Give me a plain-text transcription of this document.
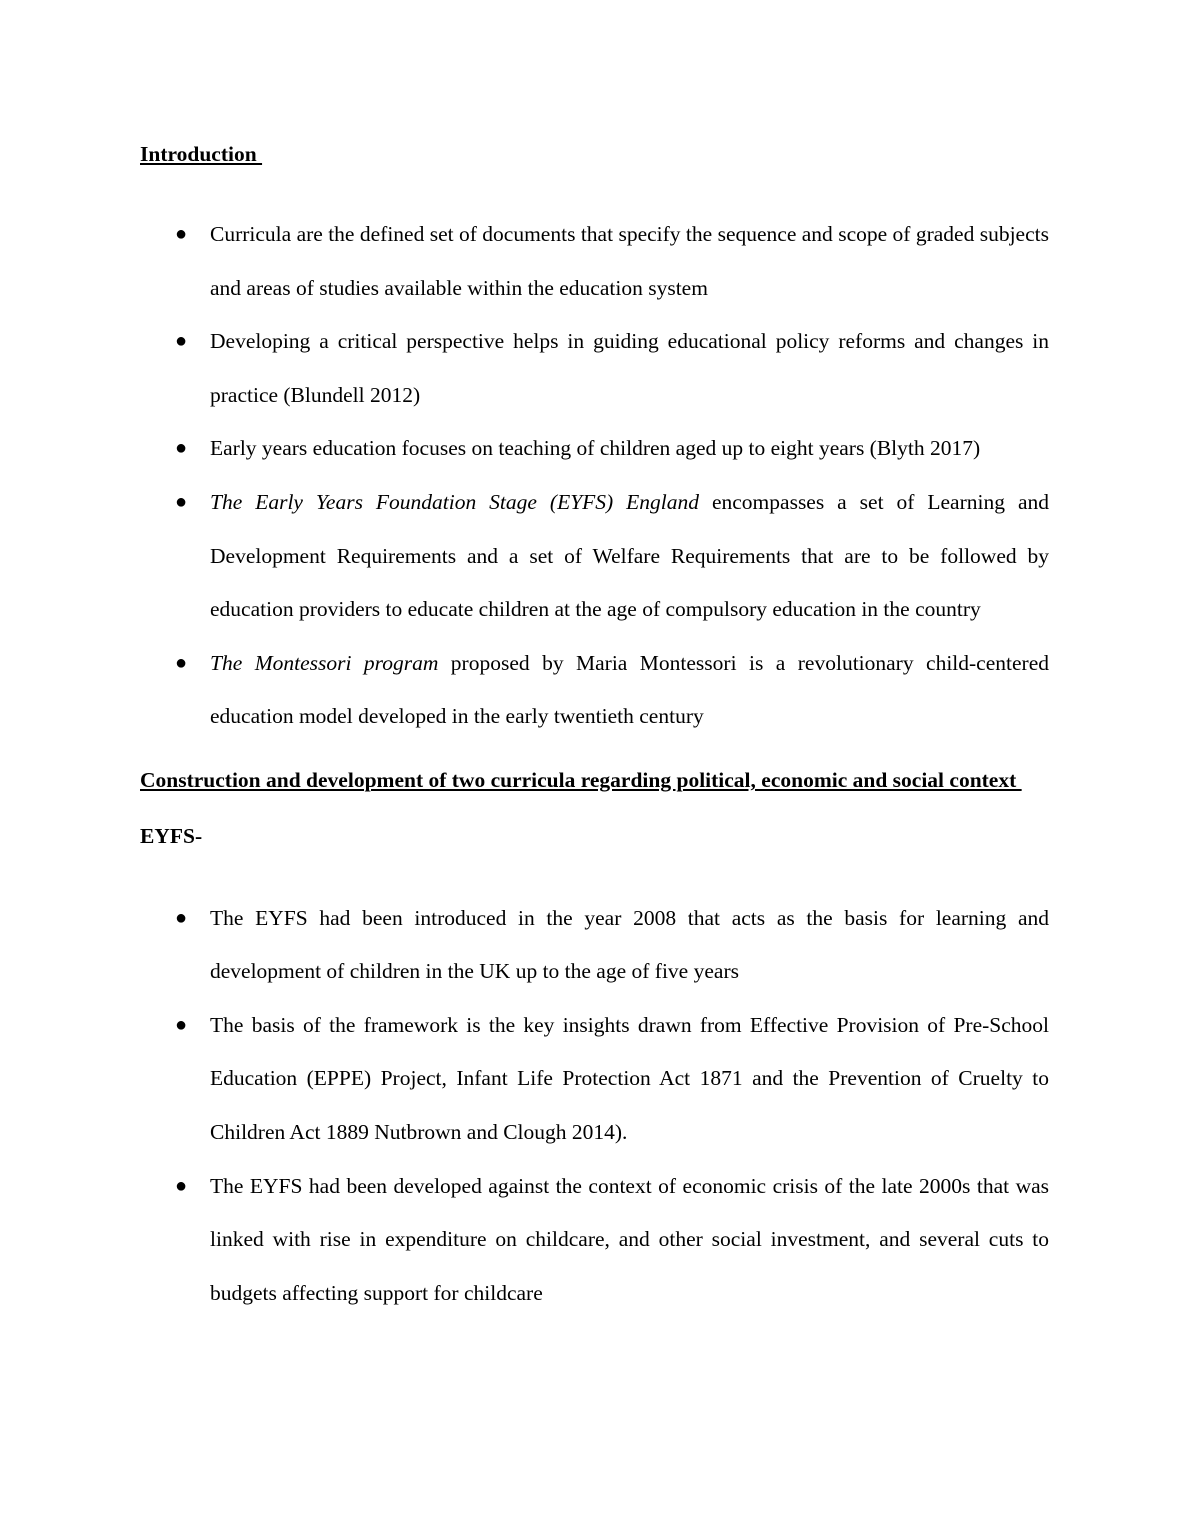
Introduction

● Curricula are the defined set of documents that specify the sequence and scope of graded subjects and areas of studies available within the education system
● Developing a critical perspective helps in guiding educational policy reforms and changes in practice (Blundell 2012)
● Early years education focuses on teaching of children aged up to eight years (Blyth 2017)
● The Early Years Foundation Stage (EYFS) England encompasses a set of Learning and Development Requirements and a set of Welfare Requirements that are to be followed by education providers to educate children at the age of compulsory education in the country
● The Montessori program proposed by Maria Montessori is a revolutionary child-centered education model developed in the early twentieth century

Construction and development of two curricula regarding political, economic and social context

EYFS-

● The EYFS had been introduced in the year 2008 that acts as the basis for learning and development of children in the UK up to the age of five years
● The basis of the framework is the key insights drawn from Effective Provision of Pre-School Education (EPPE) Project, Infant Life Protection Act 1871 and the Prevention of Cruelty to Children Act 1889 Nutbrown and Clough 2014).
● The EYFS had been developed against the context of economic crisis of the late 2000s that was linked with rise in expenditure on childcare, and other social investment, and several cuts to budgets affecting support for childcare
